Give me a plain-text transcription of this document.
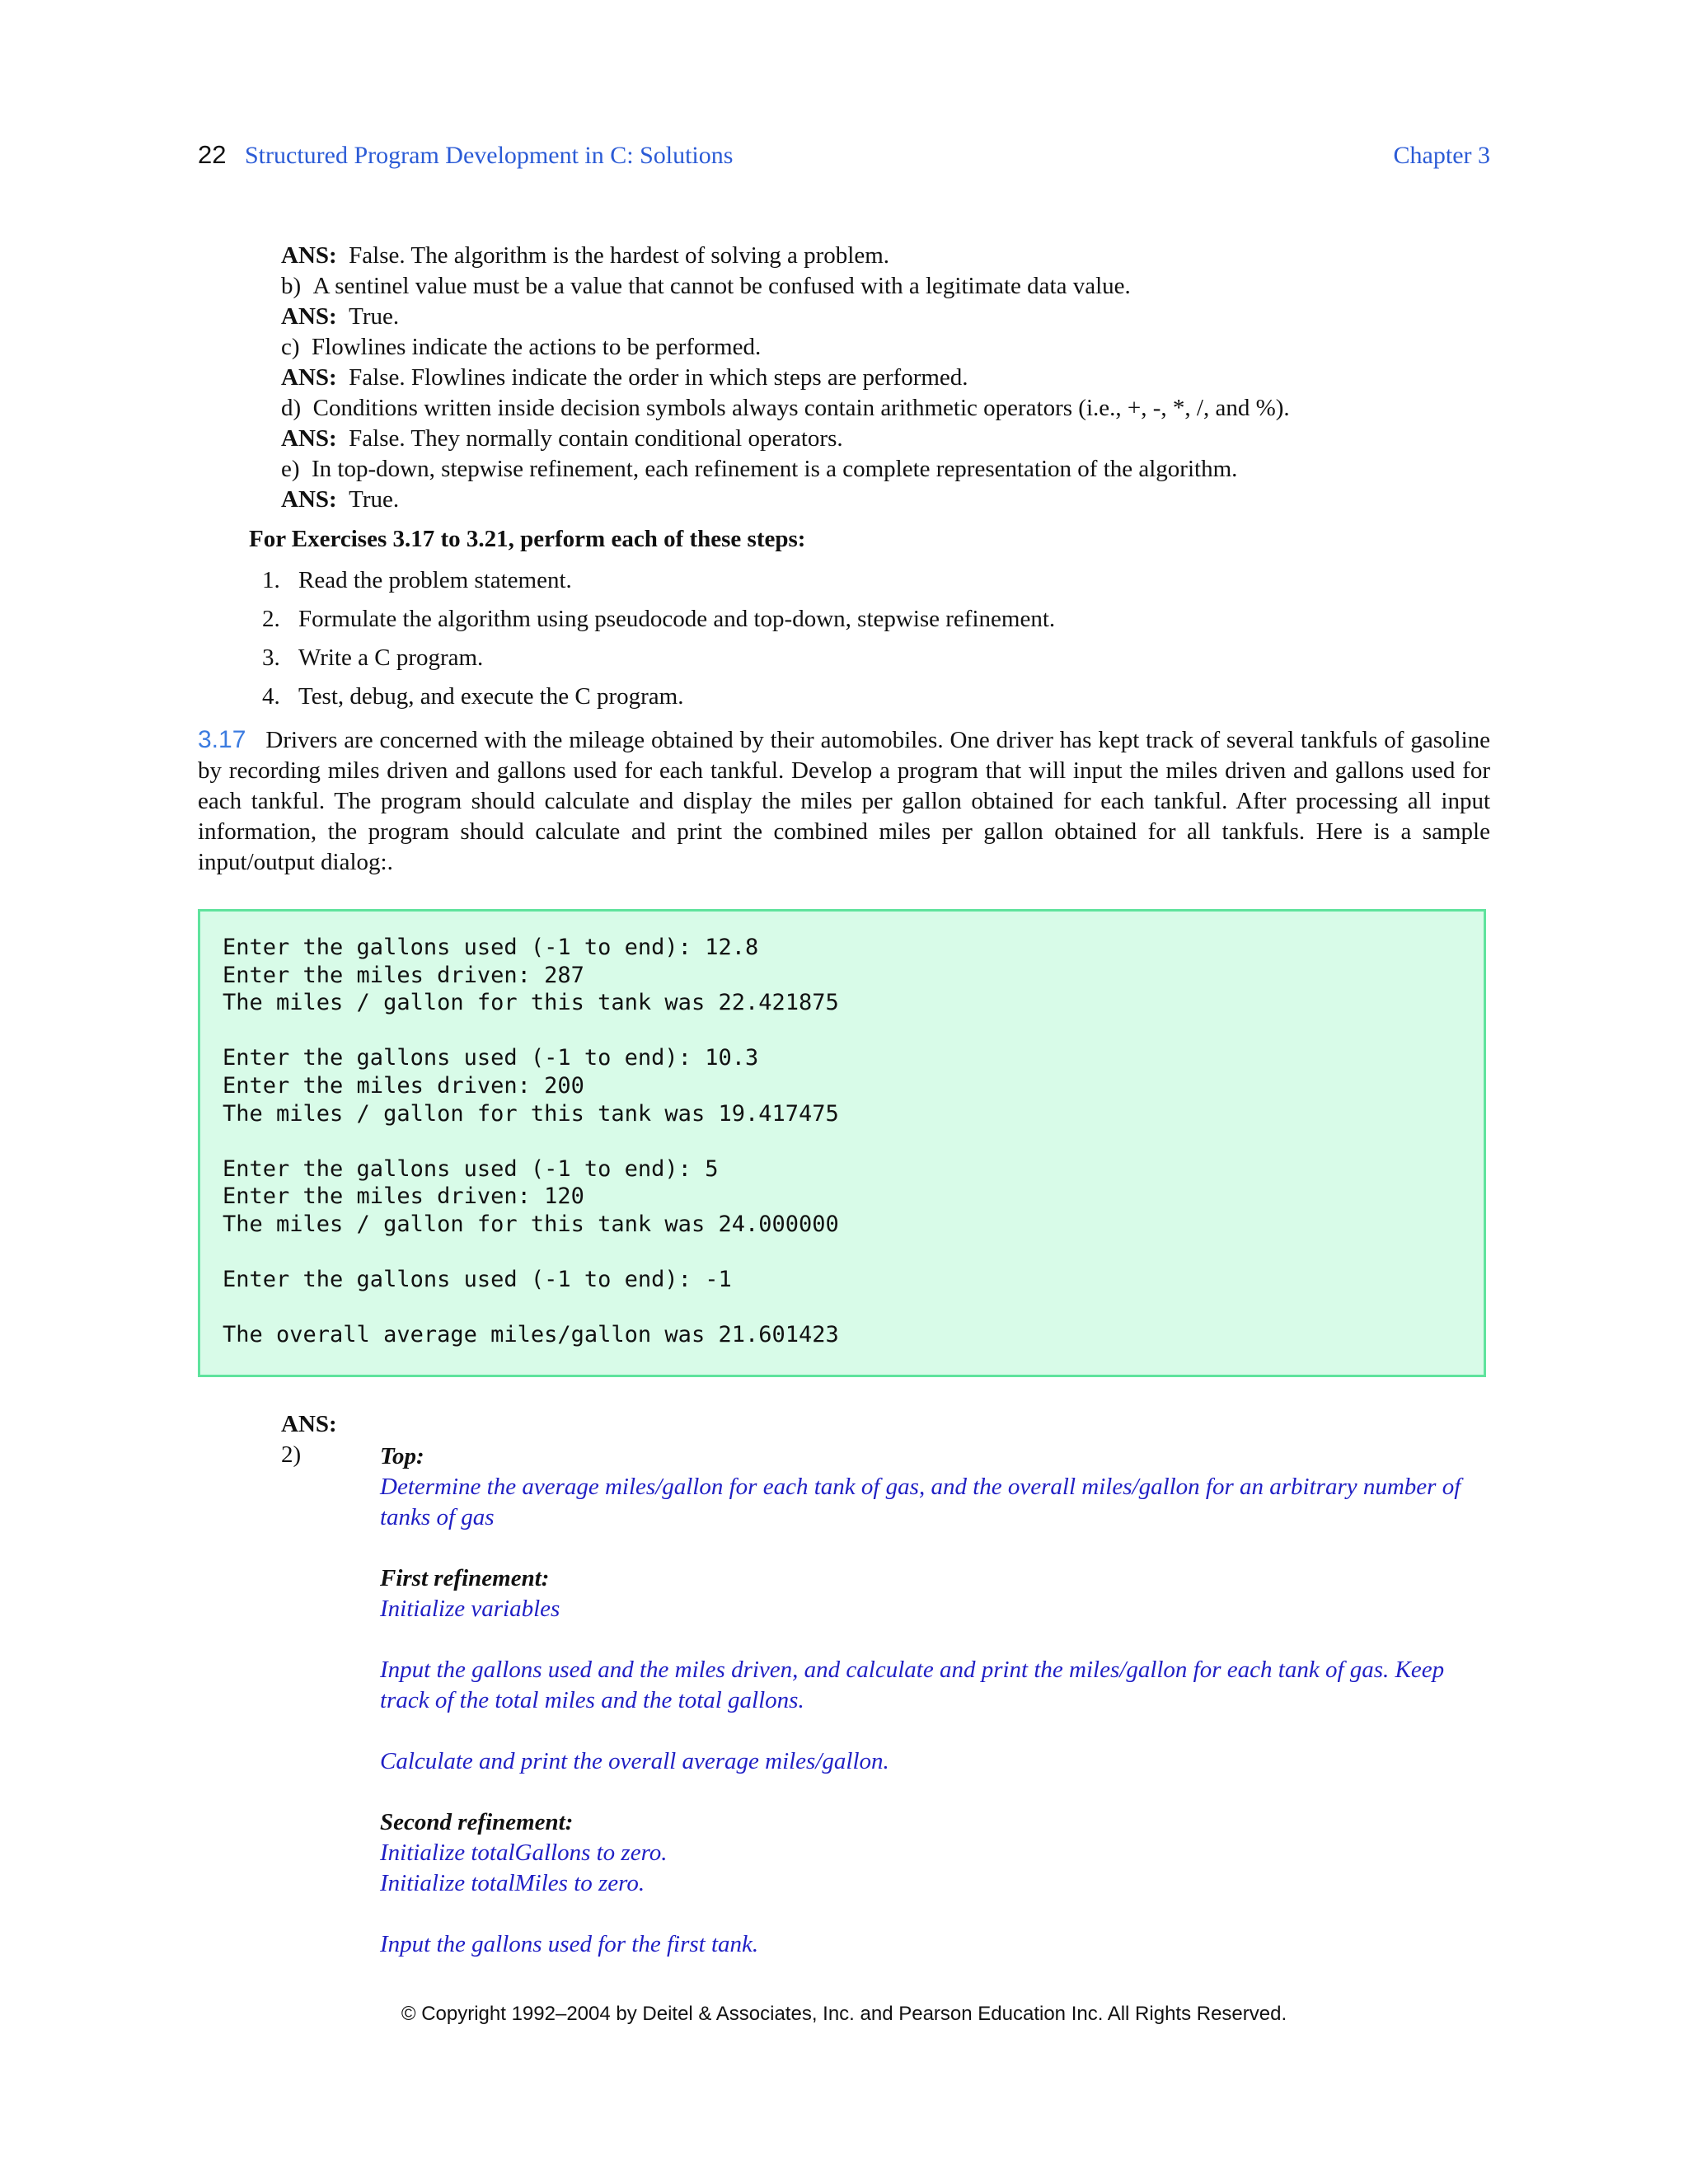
22 Structured Program Development in C: Solutions	Chapter 3
ANS: False. The algorithm is the hardest of solving a problem.
b)  A sentinel value must be a value that cannot be confused with a legitimate data value.
ANS: True.
c)  Flowlines indicate the actions to be performed.
ANS: False. Flowlines indicate the order in which steps are performed.
d)  Conditions written inside decision symbols always contain arithmetic operators (i.e., +, -, *, /, and %).
ANS: False. They normally contain conditional operators.
e)  In top-down, stepwise refinement, each refinement is a complete representation of the algorithm.
ANS: True.
For Exercises 3.17 to 3.21, perform each of these steps:
1. Read the problem statement.
2. Formulate the algorithm using pseudocode and top-down, stepwise refinement.
3. Write a C program.
4. Test, debug, and execute the C program.
3.17 Drivers are concerned with the mileage obtained by their automobiles. One driver has kept track of several tankfuls of gasoline by recording miles driven and gallons used for each tankful. Develop a program that will input the miles driven and gallons used for each tankful. The program should calculate and display the miles per gallon obtained for each tankful. After processing all input information, the program should calculate and print the combined miles per gallon obtained for all tankfuls. Here is a sample input/output dialog:.
Enter the gallons used (-1 to end): 12.8
Enter the miles driven: 287
The miles / gallon for this tank was 22.421875
Enter the gallons used (-1 to end): 10.3
Enter the miles driven: 200
The miles / gallon for this tank was 19.417475
Enter the gallons used (-1 to end): 5
Enter the miles driven: 120
The miles / gallon for this tank was 24.000000
Enter the gallons used (-1 to end): -1
The overall average miles/gallon was 21.601423
ANS:
2)	Top:
Determine the average miles/gallon for each tank of gas, and the overall miles/gallon for an arbitrary number of tanks of gas
First refinement:
Initialize variables
Input the gallons used and the miles driven, and calculate and print the miles/gallon for each tank of gas. Keep track of the total miles and the total gallons.
Calculate and print the overall average miles/gallon.
Second refinement:
Initialize totalGallons to zero.
Initialize totalMiles to zero.
Input the gallons used for the first tank.
© Copyright 1992–2004 by Deitel & Associates, Inc. and Pearson Education Inc. All Rights Reserved.
